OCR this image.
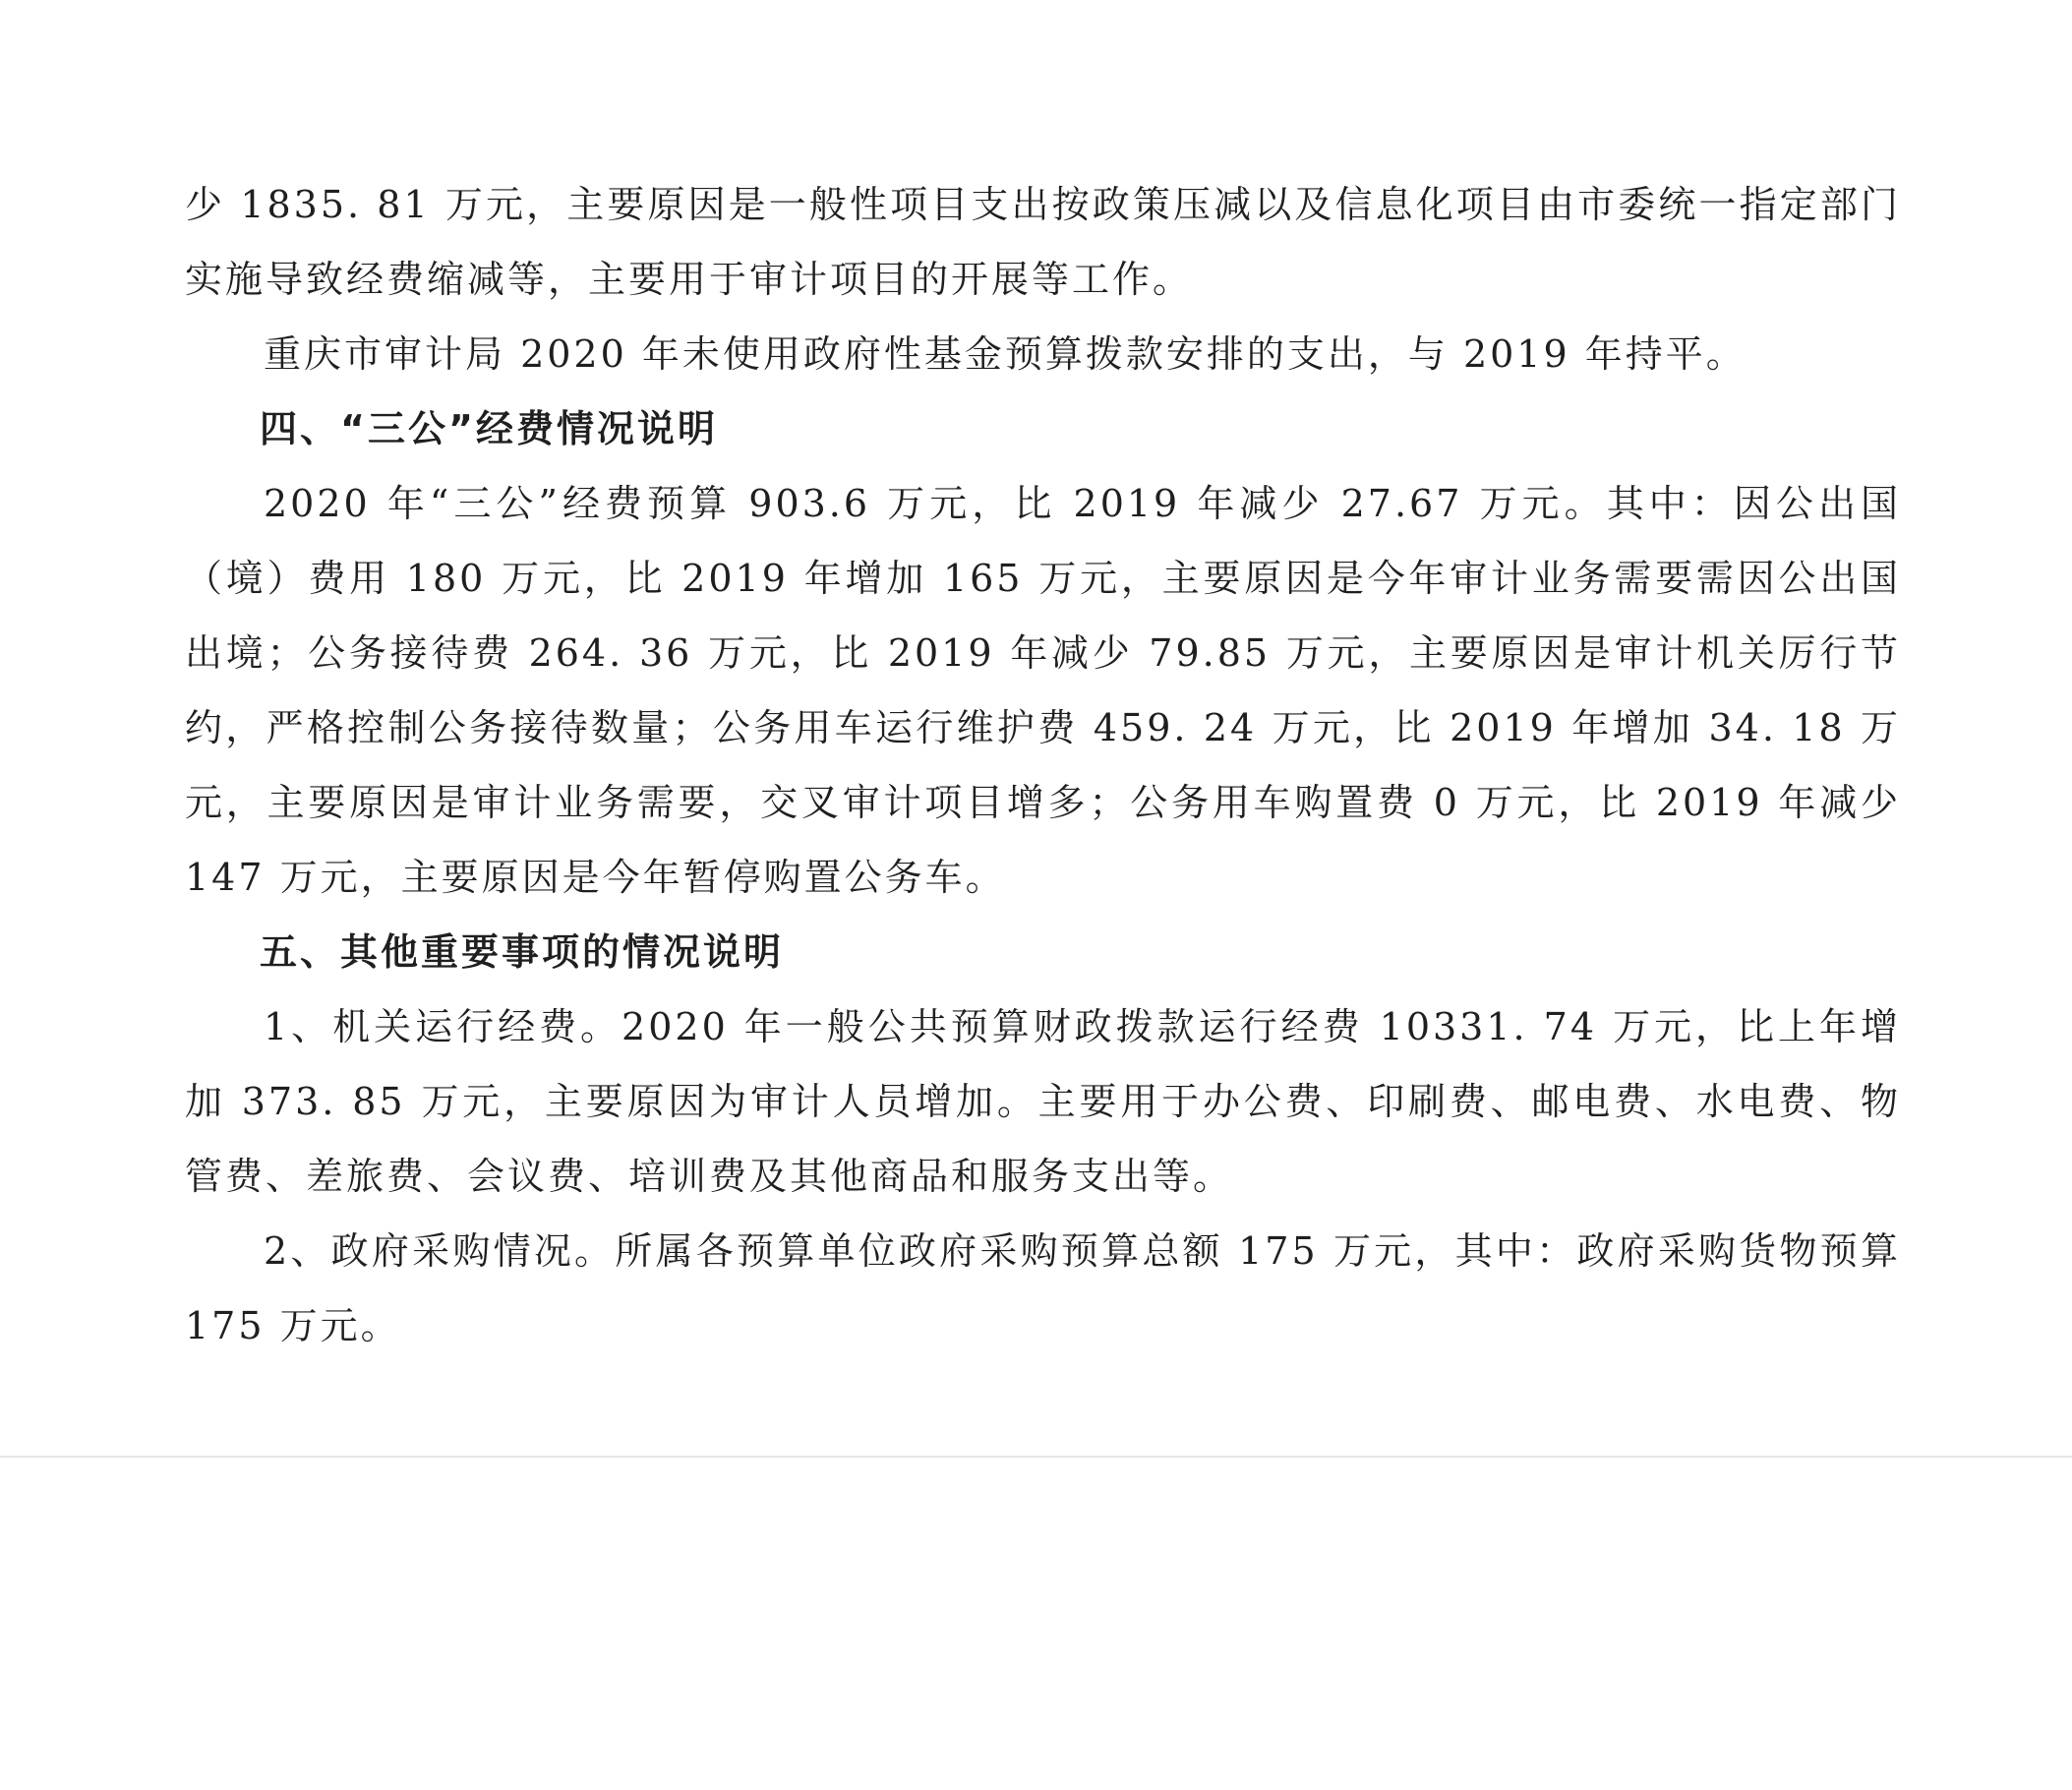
少 1835. 81 万元，主要原因是一般性项目支出按政策压减以及信息化项目由市委统一指定部门实施导致经费缩减等，主要用于审计项目的开展等工作。

重庆市审计局 2020 年未使用政府性基金预算拨款安排的支出，与 2019 年持平。

四、“三公”经费情况说明

2020 年“三公”经费预算 903.6 万元，比 2019 年减少 27.67 万元。其中：因公出国（境）费用 180 万元，比 2019 年增加 165 万元，主要原因是今年审计业务需要需因公出国出境；公务接待费 264. 36 万元，比 2019 年减少 79.85 万元，主要原因是审计机关厉行节约，严格控制公务接待数量；公务用车运行维护费 459. 24 万元，比 2019 年增加 34. 18 万元，主要原因是审计业务需要，交叉审计项目增多；公务用车购置费 0 万元，比 2019 年减少 147 万元，主要原因是今年暂停购置公务车。

五、其他重要事项的情况说明

1、机关运行经费。2020 年一般公共预算财政拨款运行经费 10331. 74 万元，比上年增加 373. 85 万元，主要原因为审计人员增加。主要用于办公费、印刷费、邮电费、水电费、物管费、差旅费、会议费、培训费及其他商品和服务支出等。

2、政府采购情况。所属各预算单位政府采购预算总额 175 万元，其中：政府采购货物预算 175 万元。
